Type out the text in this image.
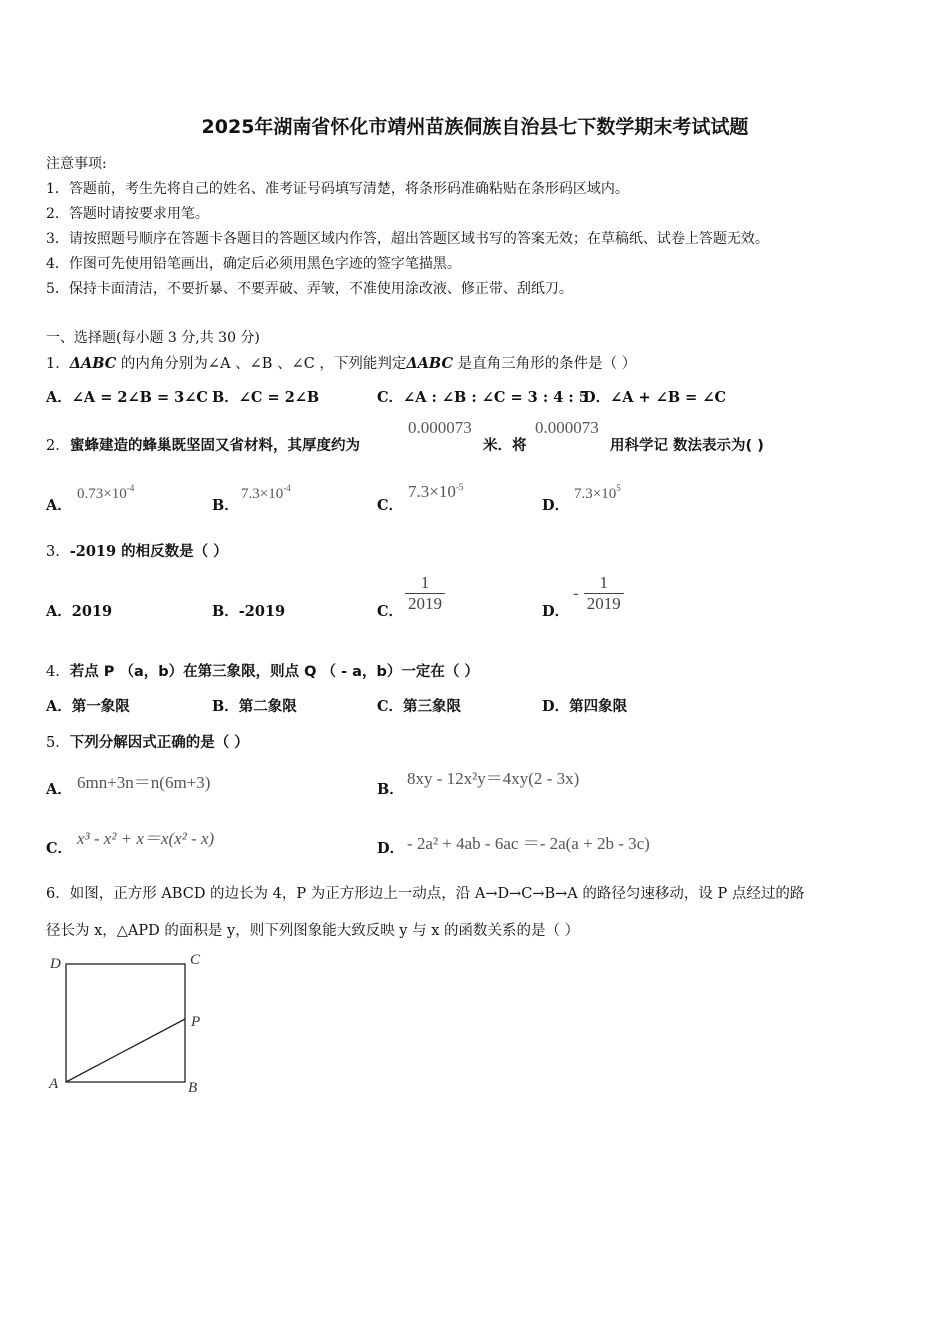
2025年湖南省怀化市靖州苗族侗族自治县七下数学期末考试试题
注意事项:
1．答题前，考生先将自己的姓名、准考证号码填写清楚，将条形码准确粘贴在条形码区域内。
2．答题时请按要求用笔。
3．请按照题号顺序在答题卡各题目的答题区域内作答，超出答题区域书写的答案无效；在草稿纸、试卷上答题无效。
4．作图可先使用铅笔画出，确定后必须用黑色字迹的签字笔描黑。
5．保持卡面清洁，不要折暴、不要弄破、弄皱，不准使用涂改液、修正带、刮纸刀。
一、选择题(每小题 3 分,共 30 分)
1．ΔABC 的内角分别为∠A 、∠B 、∠C ，下列能判定ΔABC 是直角三角形的条件是（ ）
A．∠A = 2∠B = 3∠C B．∠C = 2∠B	C．∠A : ∠B : ∠C = 3 : 4 : 5
D．∠A + ∠B = ∠C
2． 蜜蜂建造的蜂巢既坚固又省材料，其厚度约为
0.000073
米．将
0.000073
用科学记 数法表示为( )
A．
$0.73\times 10^{-4}$
B．
$7.3\times 10^{-4}$
C．
$7.3\times 10^{-5}$
D．
$7.3\times 10^5$
3．-2019 的相反数是（ ）
A．2019	B．-2019	C． $\frac{1}{2019}$	D．
- $\frac{1}{2019}$
4．若点 P （a，b）在第三象限，则点 Q （ - a，b）一定在（ ）
A．第一象限	B．第二象限	C．第三象限	D．第四象限
5．下列分解因式正确的是（ ）
A． 6mn+3n＝n(6m+3)	B．
8xy - 12x²y＝4xy(2 - 3x)
C．
x³ - x² + x＝x(x² - x)
D． - 2a² + 4ab - 6ac ＝- 2a(a + 2b - 3c)
6．如图，正方形 ABCD 的边长为 4，P 为正方形边上一动点，沿 A→D→C→B→A 的路径匀速移动，设 P 点经过的路
径长为 x，△APD 的面积是 y，则下列图象能大致反映 y 与 x 的函数关系的是（ ）
D	C
P
A	B
